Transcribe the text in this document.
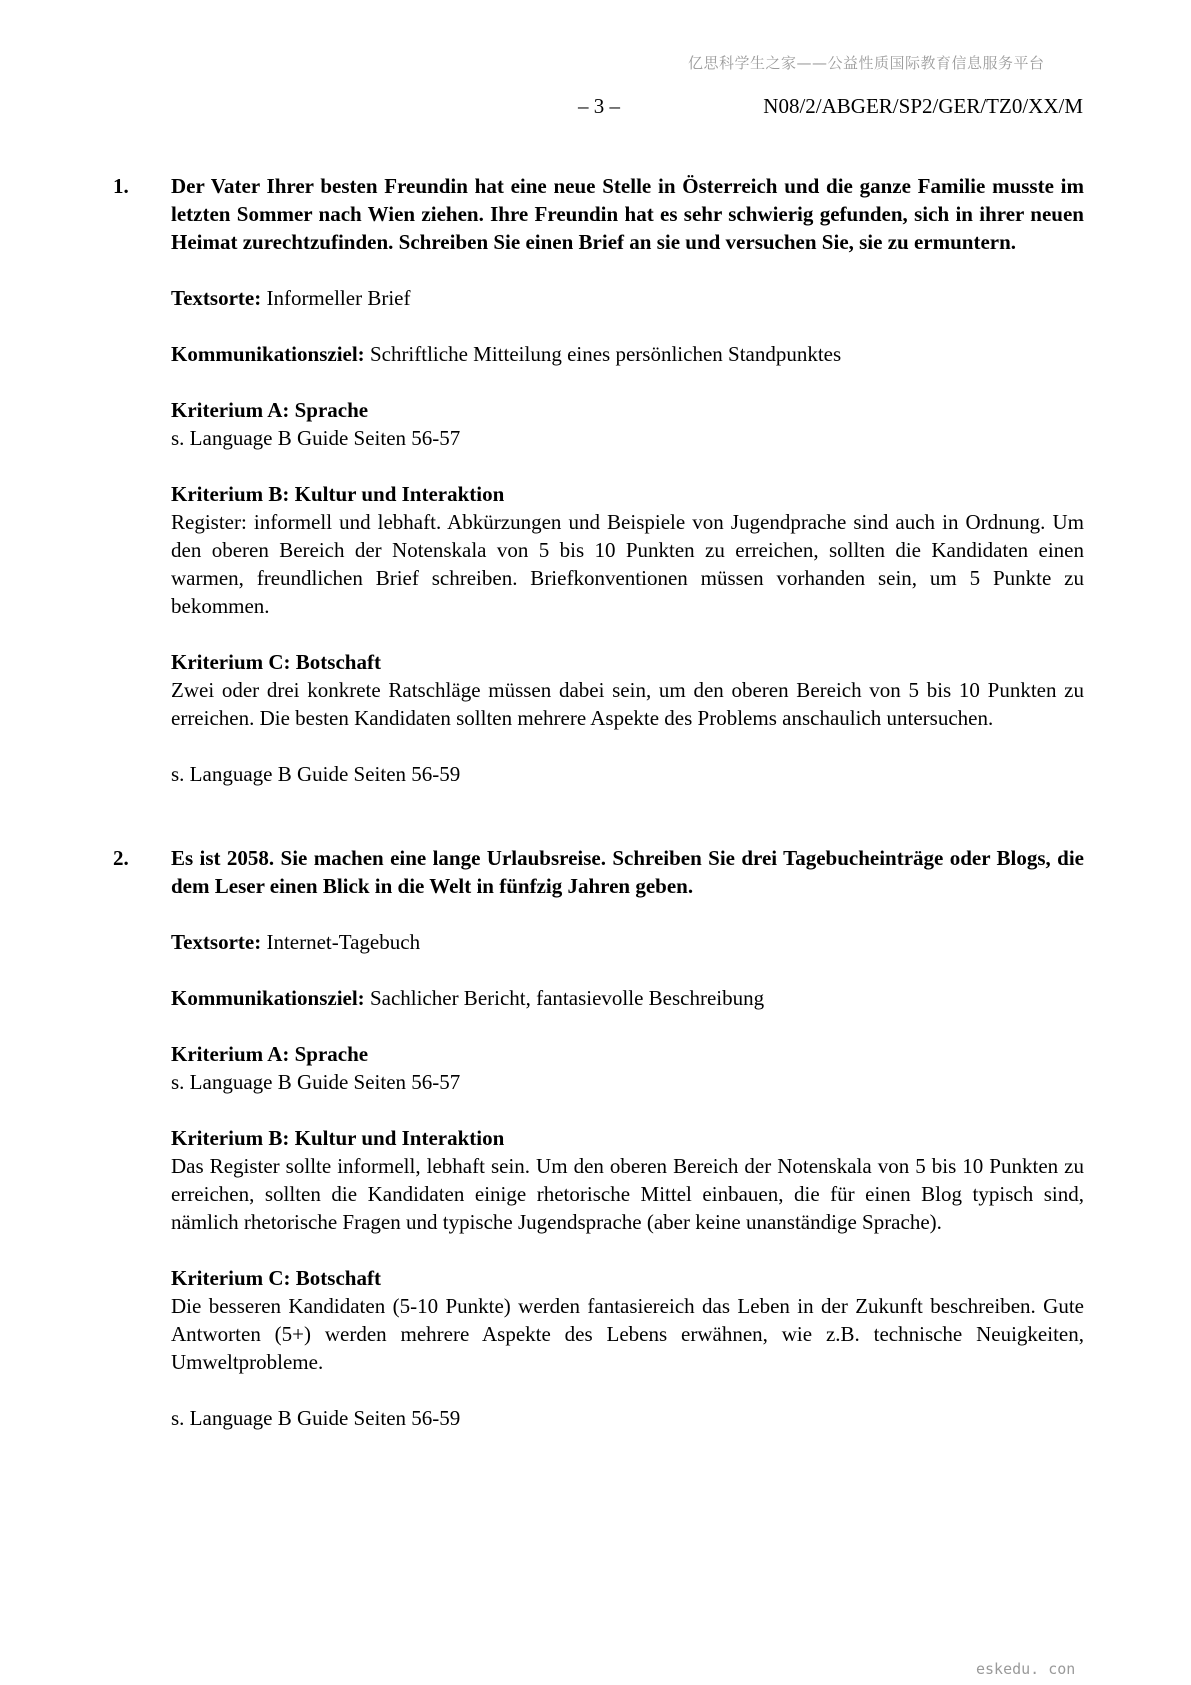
亿思科学生之家——公益性质国际教育信息服务平台
– 3 –	N08/2/ABGER/SP2/GER/TZ0/XX/M
1.	Der Vater Ihrer besten Freundin hat eine neue Stelle in Österreich und die ganze Familie musste im letzten Sommer nach Wien ziehen. Ihre Freundin hat es sehr schwierig gefunden, sich in ihrer neuen Heimat zurechtzufinden. Schreiben Sie einen Brief an sie und versuchen Sie, sie zu ermuntern.

Textsorte: Informeller Brief

Kommunikationsziel: Schriftliche Mitteilung eines persönlichen Standpunktes

Kriterium A: Sprache

s. Language B Guide Seiten 56-57

Kriterium B: Kultur und Interaktion

Register: informell und lebhaft. Abkürzungen und Beispiele von Jugendprache sind auch in Ordnung. Um den oberen Bereich der Notenskala von 5 bis 10 Punkten zu erreichen, sollten die Kandidaten einen warmen, freundlichen Brief schreiben. Briefkonventionen müssen vorhanden sein, um 5 Punkte zu bekommen.

Kriterium C: Botschaft

Zwei oder drei konkrete Ratschläge müssen dabei sein, um den oberen Bereich von 5 bis 10 Punkten zu erreichen. Die besten Kandidaten sollten mehrere Aspekte des Problems anschaulich untersuchen.

s. Language B Guide Seiten 56-59

2.	Es ist 2058. Sie machen eine lange Urlaubsreise. Schreiben Sie drei Tagebucheinträge oder Blogs, die dem Leser einen Blick in die Welt in fünfzig Jahren geben.

Textsorte: Internet-Tagebuch

Kommunikationsziel: Sachlicher Bericht, fantasievolle Beschreibung

Kriterium A: Sprache

s. Language B Guide Seiten 56-57

Kriterium B: Kultur und Interaktion

Das Register sollte informell, lebhaft sein. Um den oberen Bereich der Notenskala von 5 bis 10 Punkten zu erreichen, sollten die Kandidaten einige rhetorische Mittel einbauen, die für einen Blog typisch sind, nämlich rhetorische Fragen und typische Jugendsprache (aber keine unanständige Sprache).

Kriterium C: Botschaft

Die besseren Kandidaten (5-10 Punkte) werden fantasiereich das Leben in der Zukunft beschreiben. Gute Antworten (5+) werden mehrere Aspekte des Lebens erwähnen, wie z.B. technische Neuigkeiten, Umweltprobleme.

s. Language B Guide Seiten 56-59

eskedu. con
